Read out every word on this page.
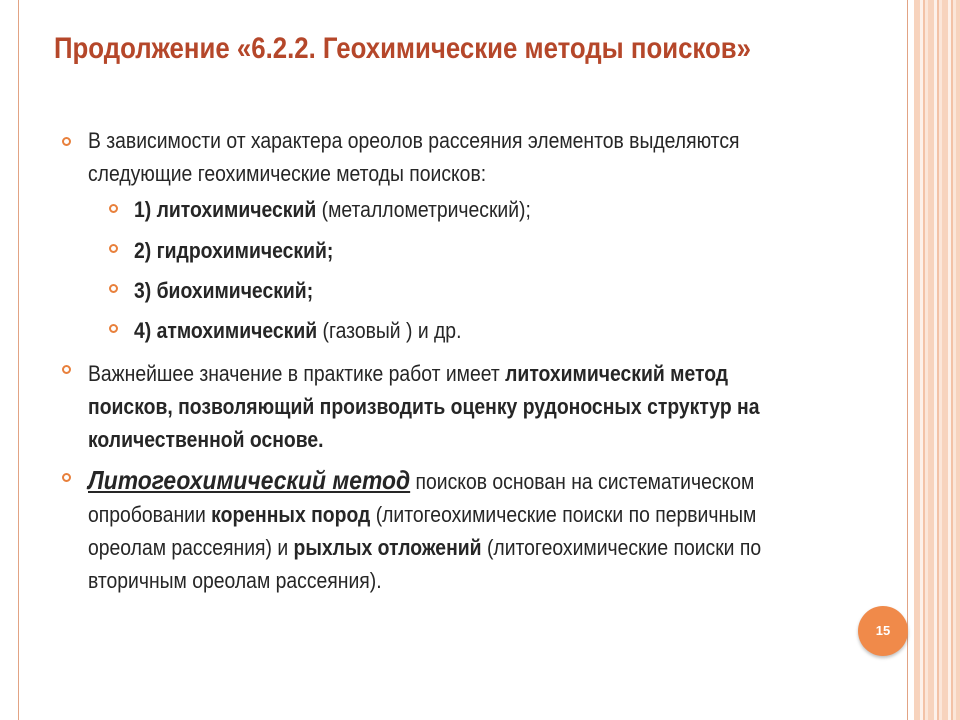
Продолжение «6.2.2. Геохимические методы поисков»
В зависимости от характера ореолов рассеяния элементов выделяются
следующие геохимические методы поисков:
1) литохимический (металлометрический);
2) гидрохимический;
3) биохимический;
4) атмохимический (газовый ) и др.
Важнейшее значение в практике работ имеет литохимический метод
поисков, позволяющий производить оценку рудоносных структур на
количественной основе.
Литогеохимический метод поисков основан на систематическом
опробовании коренных пород (литогеохимические поиски по первичным
ореолам рассеяния) и рыхлых отложений (литогеохимические поиски по
вторичным ореолам рассеяния).
15
